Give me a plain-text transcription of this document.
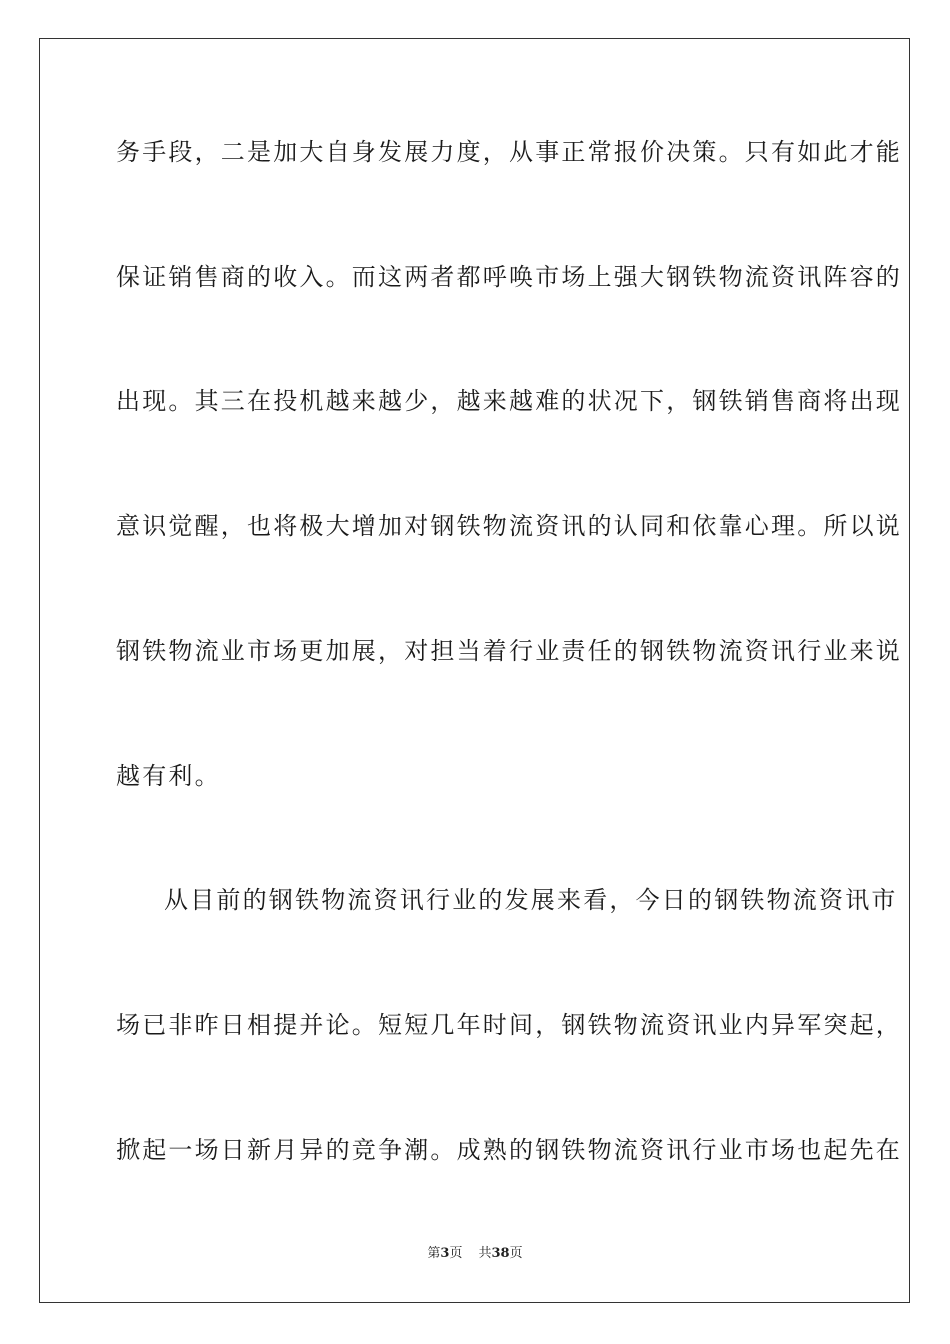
务手段，二是加大自身发展力度，从事正常报价决策。只有如此才能
保证销售商的收入。而这两者都呼唤市场上强大钢铁物流资讯阵容的
出现。其三在投机越来越少，越来越难的状况下，钢铁销售商将出现
意识觉醒，也将极大增加对钢铁物流资讯的认同和依靠心理。所以说
钢铁物流业市场更加展，对担当着行业责任的钢铁物流资讯行业来说
越有利。
从目前的钢铁物流资讯行业的发展来看，今日的钢铁物流资讯市
场已非昨日相提并论。短短几年时间，钢铁物流资讯业内异军突起，
掀起一场日新月异的竞争潮。成熟的钢铁物流资讯行业市场也起先在
第3页 共38页
